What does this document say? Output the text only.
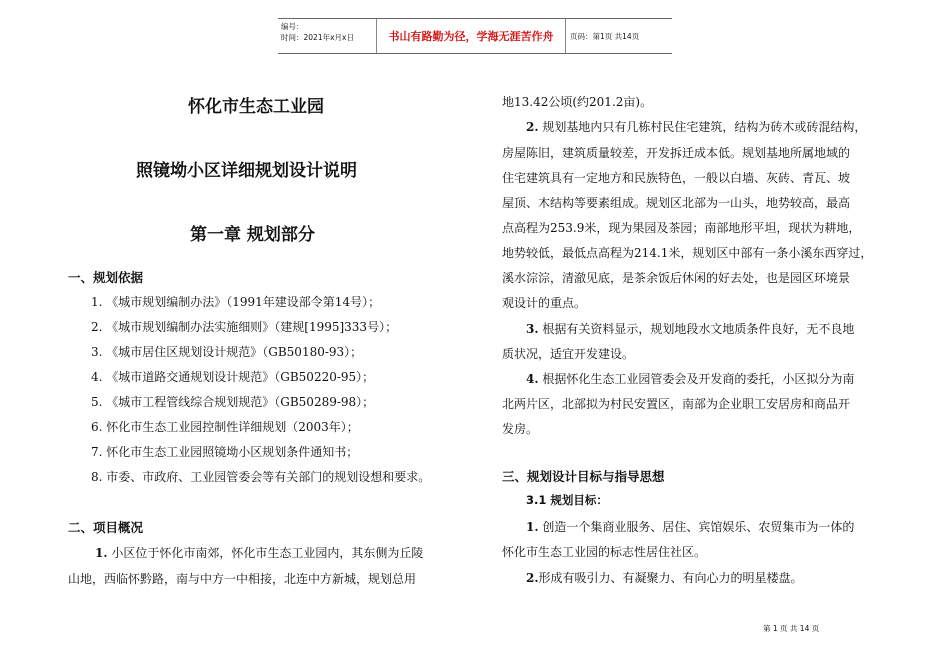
编号：
时间：2021年x月x日	书山有路勤为径，学海无涯苦作舟	页码：第1页 共14页
怀化市生态工业园
照镜坳小区详细规划设计说明
第一章 规划部分
一、规划依据
1. 《城市规划编制办法》（1991年建设部令第14号）；
2. 《城市规划编制办法实施细则》（建规[1995]333号）；
3. 《城市居住区规划设计规范》（GB50180-93）；
4. 《城市道路交通规划设计规范》（GB50220-95）；
5. 《城市工程管线综合规划规范》（GB50289-98）；
6. 怀化市生态工业园控制性详细规划（2003年）；
7. 怀化市生态工业园照镜坳小区规划条件通知书；
8. 市委、市政府、工业园管委会等有关部门的规划设想和要求。
二、项目概况
1. 小区位于怀化市南郊，怀化市生态工业园内，其东侧为丘陵
山地，西临怀黔路，南与中方一中相接，北连中方新城，规划总用
地13.42公顷(约201.2亩)。
2. 规划基地内只有几栋村民住宅建筑，结构为砖木或砖混结构，
房屋陈旧，建筑质量较差，开发拆迁成本低。规划基地所属地域的
住宅建筑具有一定地方和民族特色，一般以白墙、灰砖、青瓦、坡
屋顶、木结构等要素组成。规划区北部为一山头，地势较高，最高
点高程为253.9米，现为果园及茶园；南部地形平坦，现状为耕地，
地势较低，最低点高程为214.1米，规划区中部有一条小溪东西穿过，
溪水淙淙，清澈见底，是茶余饭后休闲的好去处，也是园区环境景
观设计的重点。
3. 根据有关资料显示，规划地段水文地质条件良好，无不良地
质状况，适宜开发建设。
4. 根据怀化生态工业园管委会及开发商的委托，小区拟分为南
北两片区，北部拟为村民安置区，南部为企业职工安居房和商品开
发房。
三、规划设计目标与指导思想
3.1 规划目标：
1. 创造一个集商业服务、居住、宾馆娱乐、农贸集市为一体的
怀化市生态工业园的标志性居住社区。
2.形成有吸引力、有凝聚力、有向心力的明星楼盘。
第 1 页 共 14 页
